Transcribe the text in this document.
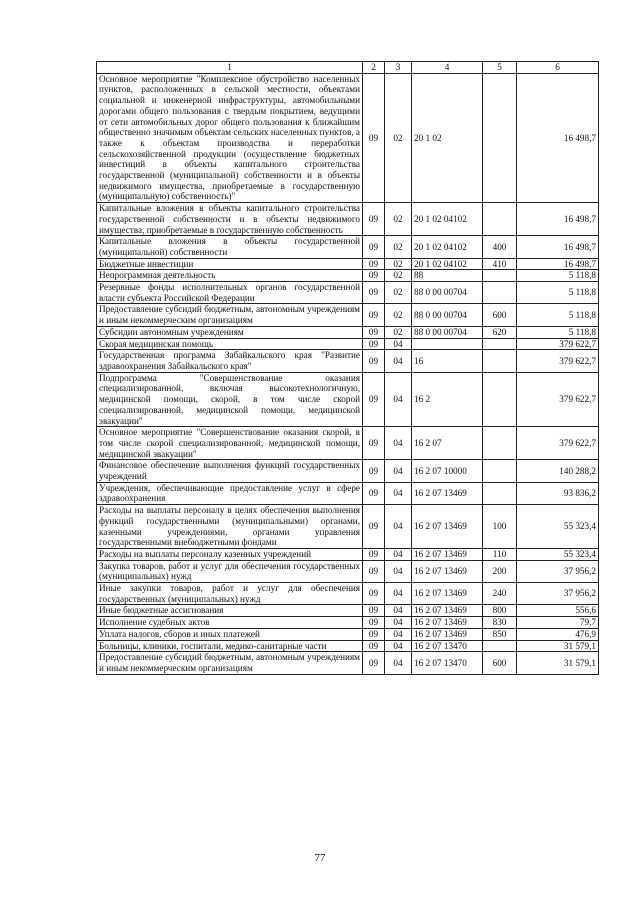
1	2	3	4	5	6
Основное мероприятие "Комплексное обустройство населенных пунктов, расположенных в сельской местности, объектами социальной и инженерной инфраструктуры, автомобильными дорогами общего пользования с твердым покрытием, ведущими от сети автомобильных дорог общего пользования к ближайшим общественно значимым объектам сельских населенных пунктов, а также к объектам производства и переработки сельскохозяйственной продукции (осуществление бюджетных инвестиций в объекты капитального строительства государственной (муниципальной) собственности и в объекты недвижимого имущества, приобретаемые в государственную (муниципальную) собственность)"	09	02	20 1 02		16 498,7
Капитальные вложения в объекты капитального строительства государственной собственности и в объекты недвижимого имущества, приобретаемые в государственную собственность	09	02	20 1 02 04102		16 498,7
Капитальные вложения в объекты государственной (муниципальной) собственности	09	02	20 1 02 04102	400	16 498,7
Бюджетные инвестиции	09	02	20 1 02 04102	410	16 498,7
Непрограммная деятельность	09	02	88		5 118,8
Резервные фонды исполнительных органов государственной власти субъекта Российской Федерации	09	02	88 0 00 00704		5 118,8
Предоставление субсидий бюджетным, автономным учреждениям и иным некоммерческим организациям	09	02	88 0 00 00704	600	5 118,8
Субсидии автономным учреждениям	09	02	88 0 00 00704	620	5 118,8
Скорая медицинская помощь	09	04			379 622,7
Государственная программа Забайкальского края "Развитие здравоохранения Забайкальского края"	09	04	16		379 622,7
Подпрограмма "Совершенствование оказания специализированной, включая высокотехнологичную, медицинской помощи, скорой, в том числе скорой специализированной, медицинской помощи, медицинской эвакуации"	09	04	16 2		379 622,7
Основное мероприятие "Совершенствование оказания скорой, в том числе скорой специализированной, медицинской помощи, медицинской эвакуации"	09	04	16 2 07		379 622,7
Финансовое обеспечение выполнения функций государственных учреждений	09	04	16 2 07 10000		140 288,2
Учреждения, обеспечивающие предоставление услуг в сфере здравоохранения	09	04	16 2 07 13469		93 836,2
Расходы на выплаты персоналу в целях обеспечения выполнения функций государственными (муниципальными) органами, казенными учреждениями, органами управления государственными внебюджетными фондами	09	04	16 2 07 13469	100	55 323,4
Расходы на выплаты персоналу казенных учреждений	09	04	16 2 07 13469	110	55 323,4
Закупка товаров, работ и услуг для обеспечения государственных (муниципальных) нужд	09	04	16 2 07 13469	200	37 956,2
Иные закупки товаров, работ и услуг для обеспечения государственных (муниципальных) нужд	09	04	16 2 07 13469	240	37 956,2
Иные бюджетные ассигнования	09	04	16 2 07 13469	800	556,6
Исполнение судебных актов	09	04	16 2 07 13469	830	79,7
Уплата налогов, сборов и иных платежей	09	04	16 2 07 13469	850	476,9
Больницы, клиники, госпитали, медико-санитарные части	09	04	16 2 07 13470		31 579,1
Предоставление субсидий бюджетным, автономным учреждениям и иным некоммерческим организациям	09	04	16 2 07 13470	600	31 579,1
77
